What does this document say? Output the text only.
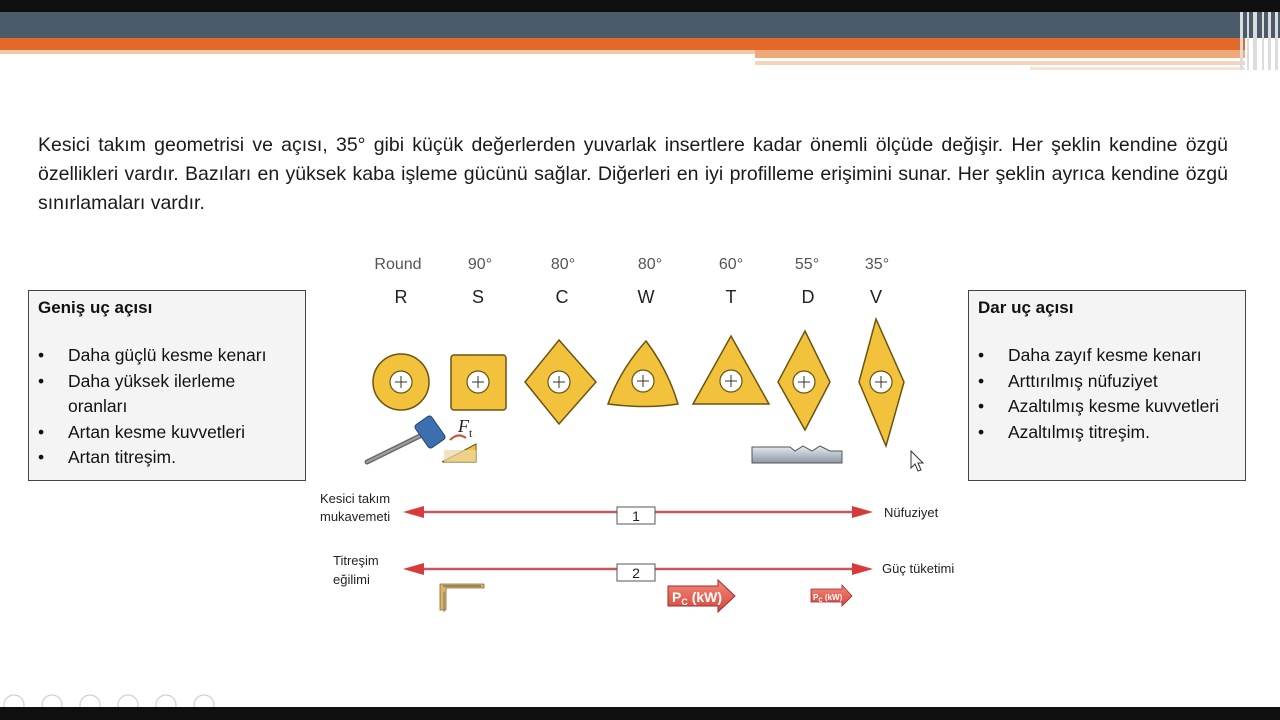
Kesici takım geometrisi ve açısı, 35° gibi küçük değerlerden yuvarlak insertlere kadar önemli ölçüde değişir. Her şeklin kendine özgü özellikleri vardır. Bazıları en yüksek kaba işleme gücünü sağlar. Diğerleri en iyi profilleme erişimini sunar. Her şeklin ayrıca kendine özgü sınırlamaları vardır.
Geniş uç açısı
• Daha güçlü kesme kenarı
• Daha yüksek ilerleme oranları
• Artan kesme kuvvetleri
• Artan titreşim.
Dar uç açısı
• Daha zayıf kesme kenarı
• Arttırılmış nüfuziyet
• Azaltılmış kesme kuvvetleri
• Azaltılmış titreşim.
Round	90°	80°	80°	60°	55°	35°
R	S	C	W	T	D	V
F t
1
Kesici takım
mukavemeti	Nüfuziyet
2
Titreşim
eğilimi
Güç tüketimi
$P_C$ (kW)	$P_C$ (kW)
